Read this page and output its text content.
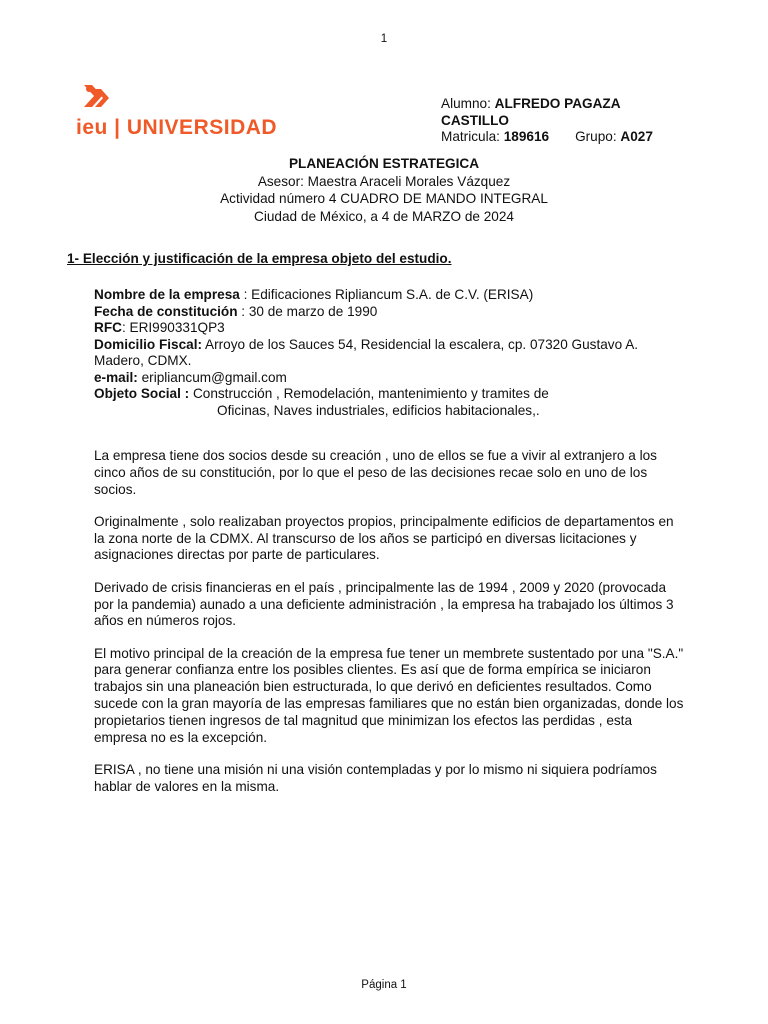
1
ieu | UNIVERSIDAD
Alumno: ALFREDO PAGAZA
CASTILLO
Matricula: 189616 Grupo: A027
PLANEACIÓN ESTRATEGICA
Asesor: Maestra Araceli Morales Vázquez
Actividad número 4 CUADRO DE MANDO INTEGRAL
Ciudad de México, a 4 de MARZO de 2024
1- Elección y justificación de la empresa objeto del estudio.
Nombre de la empresa : Edificaciones Ripliancum S.A. de C.V. (ERISA)
Fecha de constitución : 30 de marzo de 1990
RFC: ERI990331QP3
Domicilio Fiscal: Arroyo de los Sauces 54, Residencial la escalera, cp. 07320 Gustavo A.
Madero, CDMX.
e-mail: eripliancum@gmail.com
Objeto Social : Construcción , Remodelación, mantenimiento y tramites de
Oficinas, Naves industriales, edificios habitacionales,.

La empresa tiene dos socios desde su creación , uno de ellos se fue a vivir al extranjero a los cinco años de su constitución, por lo que el peso de las decisiones recae solo en uno de los socios.

Originalmente , solo realizaban proyectos propios, principalmente edificios de departamentos en la zona norte de la CDMX. Al transcurso de los años se participó en diversas licitaciones y asignaciones directas por parte de particulares.

Derivado de crisis financieras en el país , principalmente las de 1994 , 2009 y 2020 (provocada por la pandemia) aunado a una deficiente administración , la empresa ha trabajado los últimos 3 años en números rojos.

El motivo principal de la creación de la empresa fue tener un membrete sustentado por una "S.A." para generar confianza entre los posibles clientes. Es así que de forma empírica se iniciaron trabajos sin una planeación bien estructurada, lo que derivó en deficientes resultados. Como sucede con la gran mayoría de las empresas familiares que no están bien organizadas, donde los propietarios tienen ingresos de tal magnitud que minimizan los efectos las perdidas , esta empresa no es la excepción.

ERISA , no tiene una misión ni una visión contempladas y por lo mismo ni siquiera podríamos hablar de valores en la misma.

Página 1
